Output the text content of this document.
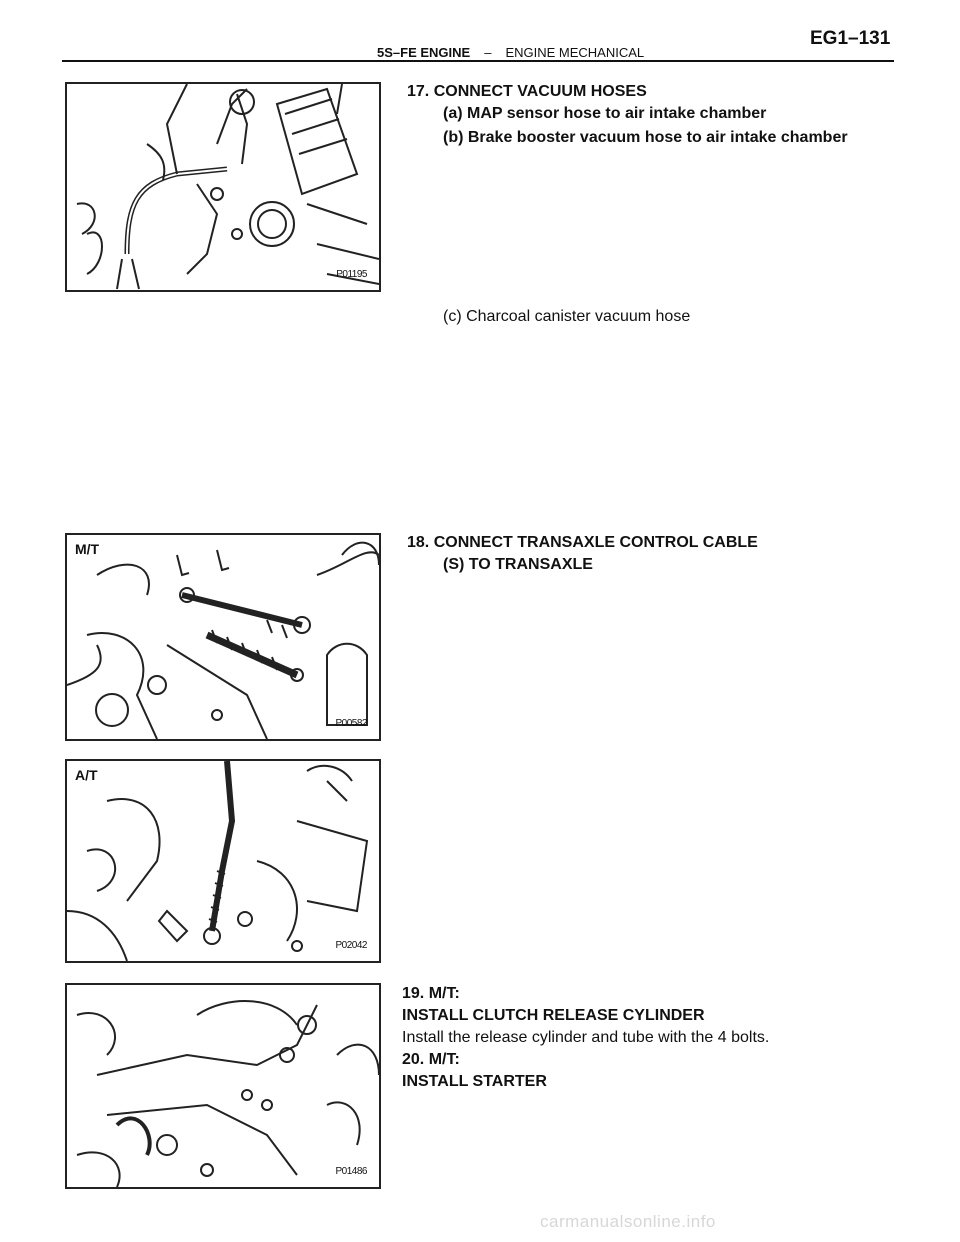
5S–FE ENGINE – ENGINE MECHANICAL
EG1–131
P01195
17. CONNECT VACUUM HOSES
(a) MAP sensor hose to air intake chamber
(b) Brake booster vacuum hose to air intake chamber
(c) Charcoal canister vacuum hose
M/T
P00582
18. CONNECT TRANSAXLE CONTROL CABLE
(S) TO TRANSAXLE
A/T
P02042
P01486
19. M/T:
INSTALL CLUTCH RELEASE CYLINDER
Install the release cylinder and tube with the 4 bolts.
20. M/T:
INSTALL STARTER
carmanualsonline.info
